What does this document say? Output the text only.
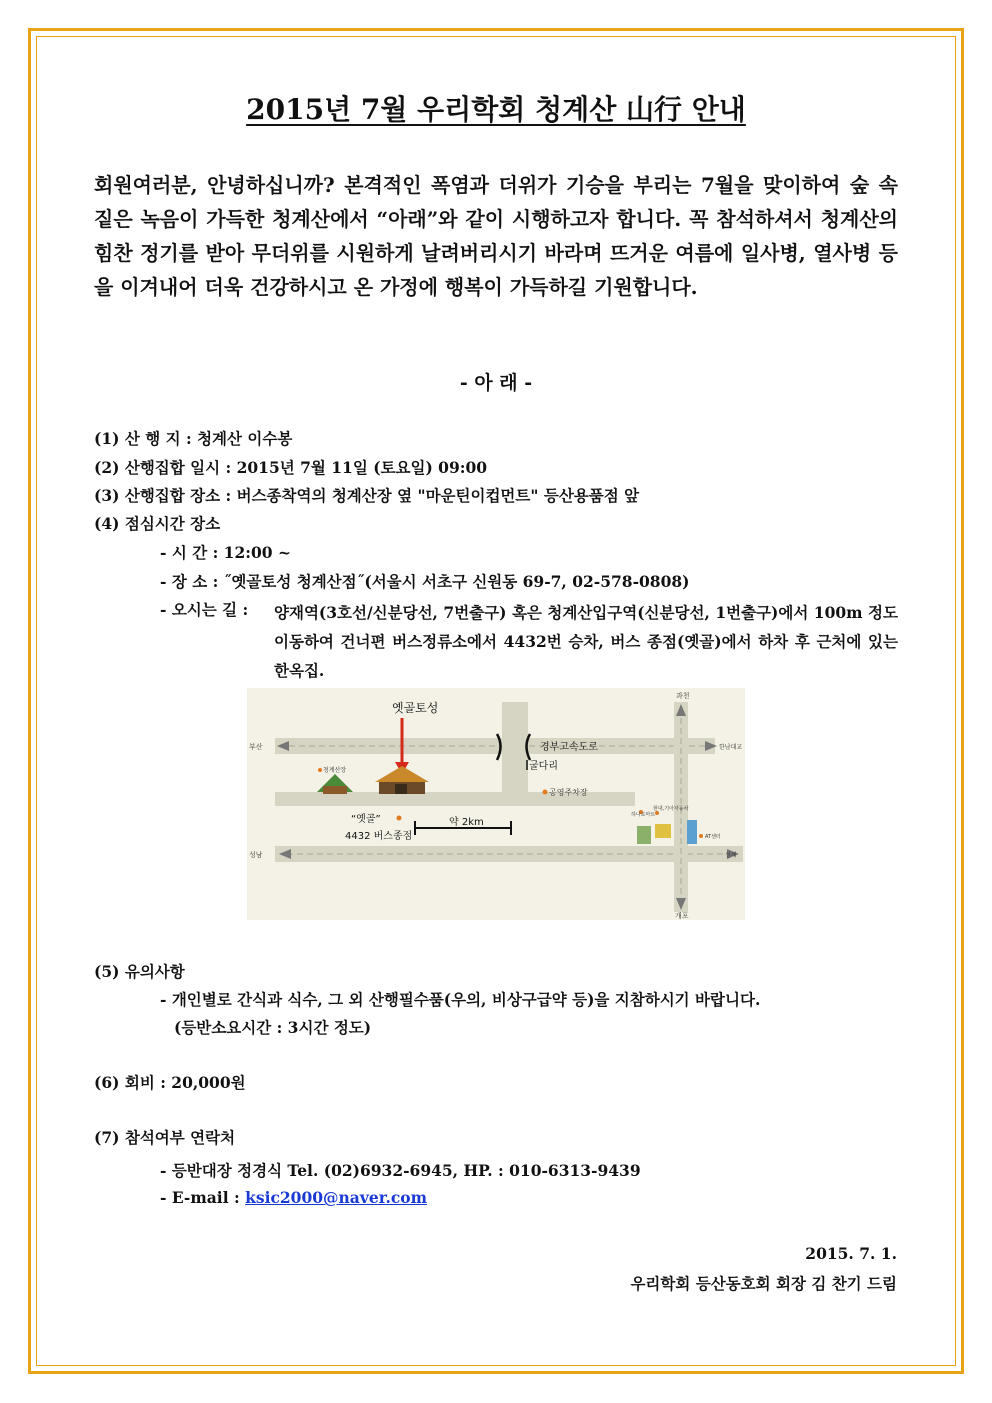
2015년 7월 우리학회 청계산 山行 안내
회원여러분, 안녕하십니까? 본격적인 폭염과 더위가 기승을 부리는 7월을 맞이하여 숲 속 짙은 녹음이 가득한 청계산에서 “아래”와 같이 시행하고자 합니다. 꼭 참석하셔서 청계산의 힘찬 정기를 받아 무더위를 시원하게 날려버리시기 바라며 뜨거운 여름에 일사병, 열사병 등을 이겨내어 더욱 건강하시고 온 가정에 행복이 가득하길 기원합니다.
- 아 래 -
(1) 산 행 지 : 청계산 이수봉
(2) 산행집합 일시 : 2015년 7월 11일 (토요일) 09:00
(3) 산행집합 장소 : 버스종착역의 청계산장 옆 "마운틴이컵먼트" 등산용품점 앞
(4) 점심시간 장소
- 시 간 : 12:00 ~
- 장 소 : ˝옛골토성 청계산점˝(서울시 서초구 신원동 69-7, 02-578-0808)
- 오시는 길 : 양재역(3호선/신분당선, 7번출구) 혹은 청계산입구역(신분당선, 1번출구)에서 100m 정도 이동하여 건너편 버스정류소에서 4432번 승차, 버스 종점(옛골)에서 하차 후 근처에 있는 한옥집.
옛골토성
과천
부산	한남대교
성남	성재
개포
경부고속도로
굴다리
청계산장
공영주차장
“옛골”
4432 버스종점
약 2km
하나로마트
현대,기아자동차
AT센터
(5) 유의사항
- 개인별로 간식과 식수, 그 외 산행필수품(우의, 비상구급약 등)을 지참하시기 바랍니다.
(등반소요시간 : 3시간 정도)
(6) 회비 : 20,000원
(7) 참석여부 연락처
- 등반대장 정경식 Tel. (02)6932-6945, HP. : 010-6313-9439
- E-mail : ksic2000@naver.com
2015. 7. 1.
우리학회 등산동호회 회장 김 찬기 드림
